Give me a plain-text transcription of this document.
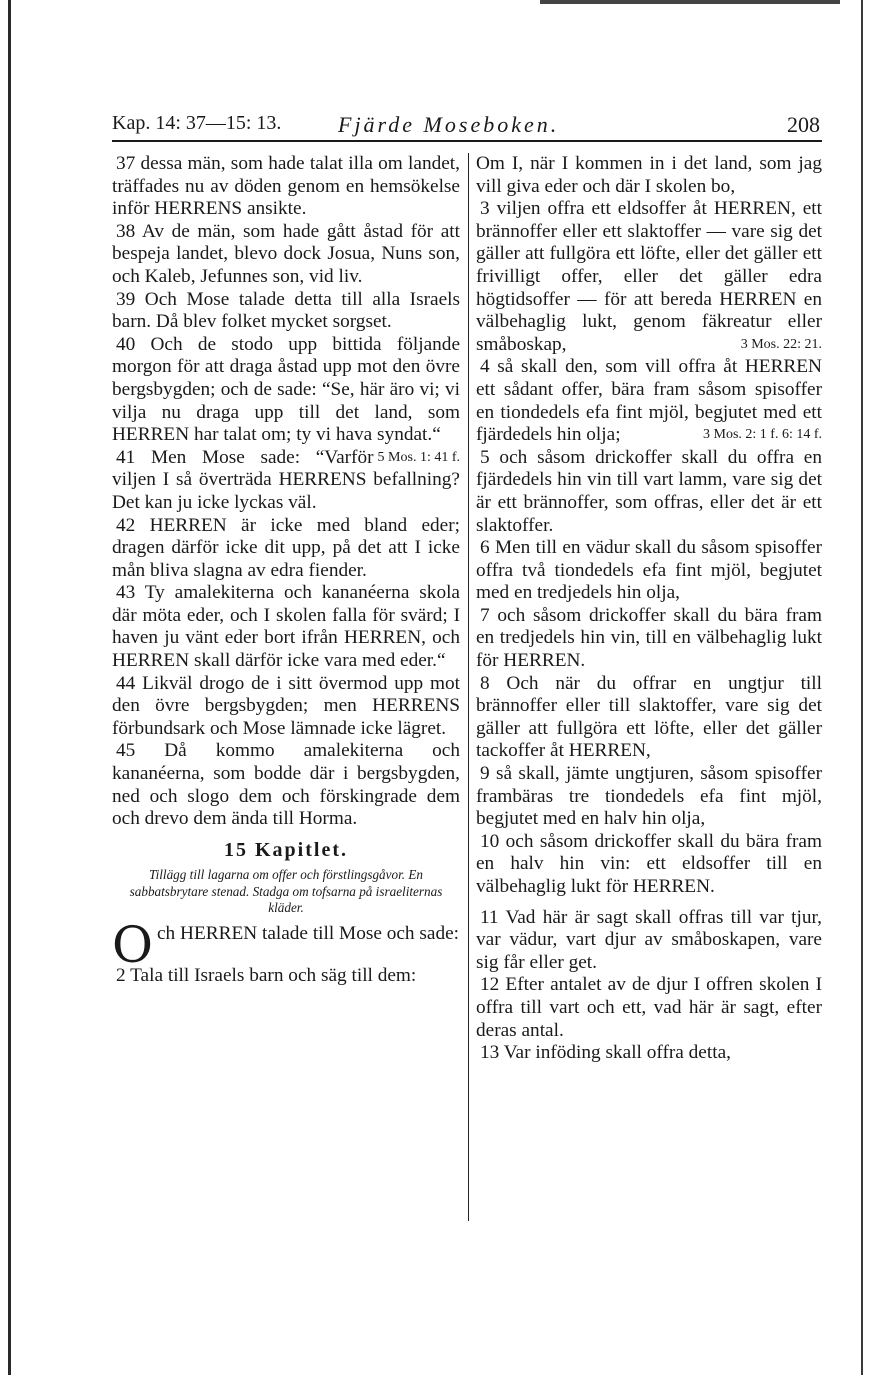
Kap. 14: 37—15: 13.	Fjärde Moseboken.	208

37 dessa män, som hade talat illa om landet, träffades nu av döden genom en hemsökelse inför HERRENS ansikte.

38 Av de män, som hade gått åstad för att bespeja landet, blevo dock Josua, Nuns son, och Kaleb, Jefunnes son, vid liv.

39 Och Mose talade detta till alla Israels barn. Då blev folket mycket sorgset.

40 Och de stodo upp bittida följande morgon för att draga åstad upp mot den övre bergsbygden; och de sade: “Se, här äro vi; vi vilja nu draga upp till det land, som HERREN har talat om; ty vi hava syndat.“
5 Mos. 1: 41 f.

41 Men Mose sade: “Varför viljen I så överträda HERRENS befallning? Det kan ju icke lyckas väl.

42 HERREN är icke med bland eder; dragen därför icke dit upp, på det att I icke mån bliva slagna av edra fiender.

43 Ty amalekiterna och kananéerna skola där möta eder, och I skolen falla för svärd; I haven ju vänt eder bort ifrån HERREN, och HERREN skall därför icke vara med eder.“

44 Likväl drogo de i sitt övermod upp mot den övre bergsbygden; men HERRENS förbundsark och Mose lämnade icke lägret.

45 Då kommo amalekiterna och kananéerna, som bodde där i bergsbygden, ned och slogo dem och förskingrade dem och drevo dem ända till Horma.

15 Kapitlet.
Tillägg till lagarna om offer och förstlingsgåvor. En sabbatsbrytare stenad. Stadga om tofsarna på israeliternas kläder.

Och HERREN talade till Mose och sade:

2 Tala till Israels barn och säg till dem:

Om I, när I kommen in i det land, som jag vill giva eder och där I skolen bo,

3 viljen offra ett eldsoffer åt HERREN, ett brännoffer eller ett slaktoffer — vare sig det gäller att fullgöra ett löfte, eller det gäller ett frivilligt offer, eller det gäller edra högtidsoffer — för att bereda HERREN en välbehaglig lukt, genom fäkreatur eller småboskap,	3 Mos. 22: 21.

4 så skall den, som vill offra åt HERREN ett sådant offer, bära fram såsom spisoffer en tiondedels efa fint mjöl, begjutet med ett fjärdedels hin olja;	3 Mos. 2: 1 f. 6: 14 f.

5 och såsom drickoffer skall du offra en fjärdedels hin vin till vart lamm, vare sig det är ett brännoffer, som offras, eller det är ett slaktoffer.

6 Men till en vädur skall du såsom spisoffer offra två tiondedels efa fint mjöl, begjutet med en tredjedels hin olja,

7 och såsom drickoffer skall du bära fram en tredjedels hin vin, till en välbehaglig lukt för HERREN.

8 Och när du offrar en ungtjur till brännoffer eller till slaktoffer, vare sig det gäller att fullgöra ett löfte, eller det gäller tackoffer åt HERREN,

9 så skall, jämte ungtjuren, såsom spisoffer frambäras tre tiondedels efa fint mjöl, begjutet med en halv hin olja,

10 och såsom drickoffer skall du bära fram en halv hin vin: ett eldsoffer till en välbehaglig lukt för HERREN.

11 Vad här är sagt skall offras till var tjur, var vädur, vart djur av småboskapen, vare sig får eller get.

12 Efter antalet av de djur I offren skolen I offra till vart och ett, vad här är sagt, efter deras antal.

13 Var inföding skall offra detta,
